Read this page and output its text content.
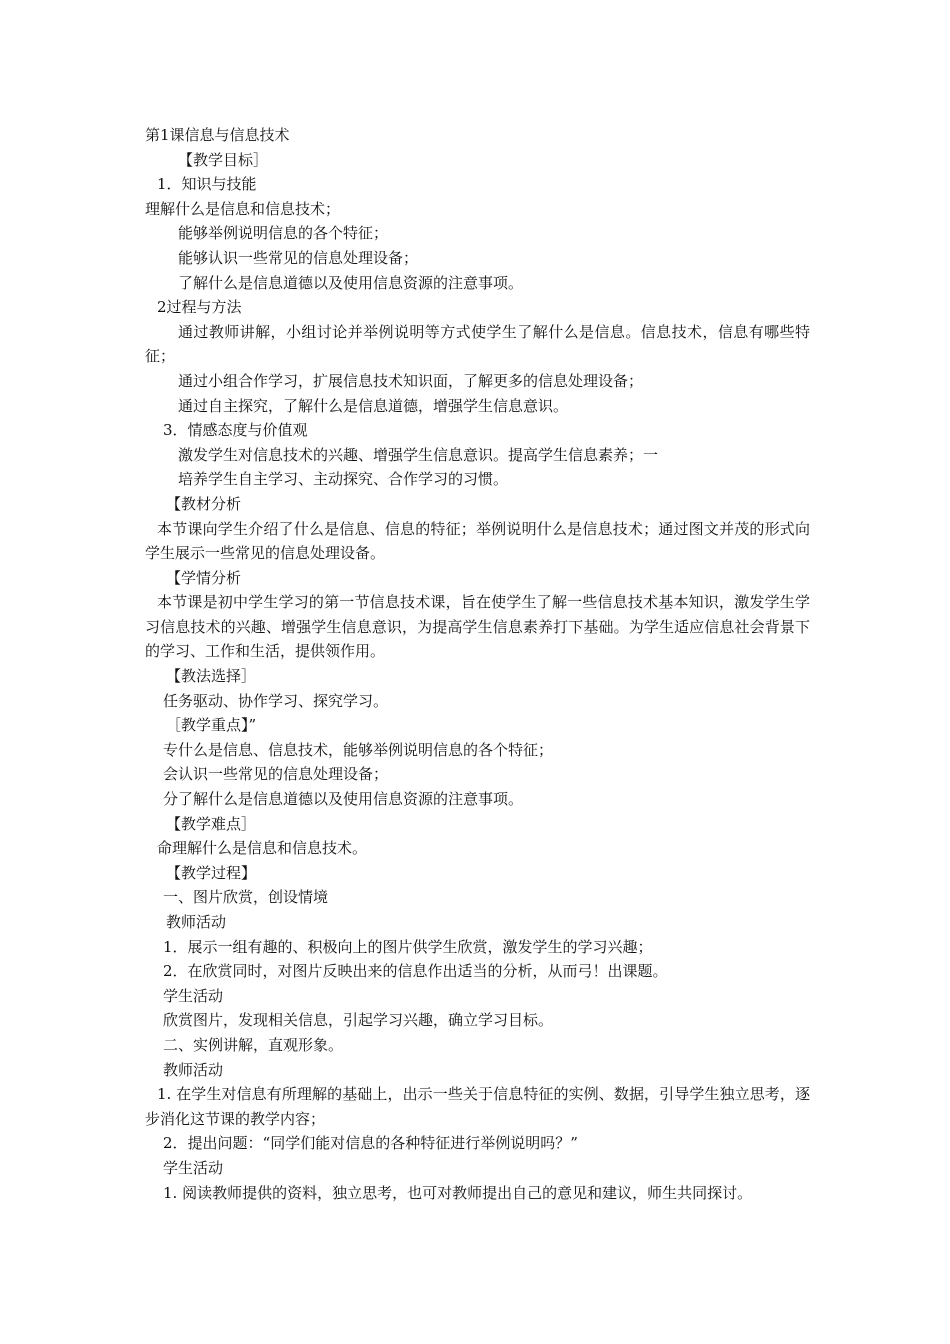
第1课信息与信息技术
【教学目标］
1．知识与技能
理解什么是信息和信息技术；
能够举例说明信息的各个特征；
能够认识一些常见的信息处理设备；
了解什么是信息道德以及使用信息资源的注意事项。
2过程与方法
通过教师讲解，小组讨论并举例说明等方式使学生了解什么是信息。信息技术，信息有哪些特征；
通过小组合作学习，扩展信息技术知识面，了解更多的信息处理设备；
通过自主探究，了解什么是信息道德，增强学生信息意识。
3．情感态度与价值观
激发学生对信息技术的兴趣、增强学生信息意识。提高学生信息素养；一
培养学生自主学习、主动探究、合作学习的习惯。
【教材分析
本节课向学生介绍了什么是信息、信息的特征；举例说明什么是信息技术；通过图文并茂的形式向学生展示一些常见的信息处理设备。
【学情分析
本节课是初中学生学习的第一节信息技术课，旨在使学生了解一些信息技术基本知识，激发学生学习信息技术的兴趣、增强学生信息意识，为提高学生信息素养打下基础。为学生适应信息社会背景下的学习、工作和生活，提供领作用。
【教法选择］
任务驱动、协作学习、探究学习。
［教学重点】”
专什么是信息、信息技术，能够举例说明信息的各个特征；
会认识一些常见的信息处理设备；
分了解什么是信息道德以及使用信息资源的注意事项。
【教学难点］
命理解什么是信息和信息技术。
【教学过程】
一、图片欣赏，创设情境
教师活动
1．展示一组有趣的、积极向上的图片供学生欣赏，激发学生的学习兴趣；
2．在欣赏同时，对图片反映出来的信息作出适当的分析，从而弓！出课题。
学生活动
欣赏图片，发现相关信息，引起学习兴趣，确立学习目标。
二、实例讲解，直观形象。
教师活动
1. 在学生对信息有所理解的基础上，出示一些关于信息特征的实例、数据，引导学生独立思考，逐步消化这节课的教学内容；
2．提出问题：“同学们能对信息的各种特征进行举例说明吗？”
学生活动
1. 阅读教师提供的资料，独立思考，也可对教师提出自己的意见和建议，师生共同探讨。
